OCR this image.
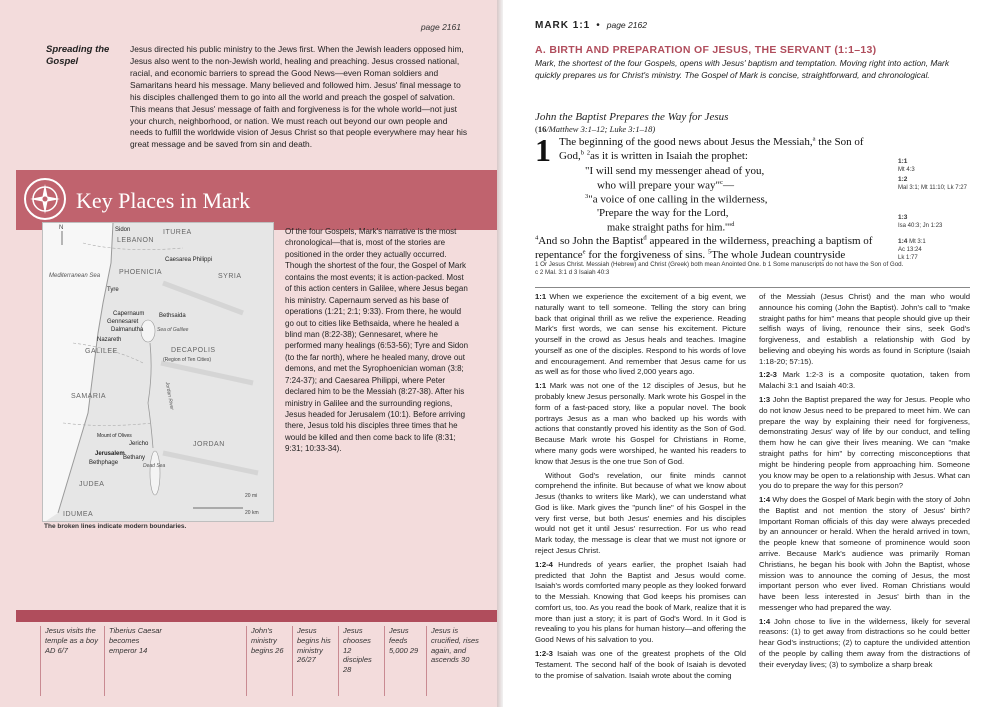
page 2161
Spreading the Gospel
Jesus directed his public ministry to the Jews first. When the Jewish leaders opposed him, Jesus also went to the non-Jewish world, healing and preaching. Jesus crossed national, racial, and economic barriers to spread the Good News—even Roman soldiers and Samaritans heard his message. Many believed and followed him. Jesus' final message to his disciples challenged them to go into all the world and preach the gospel of salvation. This means that Jesus' message of faith and forgiveness is for the whole world—not just your church, neighborhood, or nation. We must reach out beyond our own people and needs to fulfill the worldwide vision of Jesus Christ so that people everywhere may hear his great message and be saved from sin and death.
Key Places in Mark
N
ITUREA
LEBANON
PHOENICIA
SYRIA
GALILEE	DECAPOLIS
(Region of Ten Cities)
SAMARIA
JUDEA
JORDAN
IDUMEA
Sidon
Tyre
Caesarea Philippi
Capernaum
Gennesaret
Dalmanutha
Nazareth
Bethsaida
Jericho
Jerusalem
Bethphage
Bethany
Mount of Olives
Mediterranean Sea
Sea of Galilee
Jordan River
Dead Sea
20 mi
20 km
The broken lines indicate modern boundaries.
Of the four Gospels, Mark's narrative is the most chronological—that is, most of the stories are positioned in the order they actually occurred. Though the shortest of the four, the Gospel of Mark contains the most events; it is action-packed. Most of this action centers in Galilee, where Jesus began his ministry. Capernaum served as his base of operations (1:21; 2:1; 9:33). From there, he would go out to cities like Bethsaida, where he healed a blind man (8:22-38); Gennesaret, where he performed many healings (6:53-56); Tyre and Sidon (to the far north), where he healed many, drove out demons, and met the Syrophoenician woman (3:8; 7:24-37); and Caesarea Philippi, where Peter declared him to be the Messiah (8:27-38). After his ministry in Galilee and the surrounding regions, Jesus headed for Jerusalem (10:1). Before arriving there, Jesus told his disciples three times that he would be killed and then come back to life (8:31; 9:31; 10:33-34).
Jesus visits the temple as a boy AD 6/7
Tiberius Caesar becomes emperor 14
John's ministry begins 26
Jesus begins his ministry 26/27
Jesus chooses 12 disciples 28
Jesus feeds 5,000 29
Jesus is crucified, rises again, and ascends 30
MARK 1:1 • page 2162
A. BIRTH AND PREPARATION OF JESUS, THE SERVANT (1:1–13)
Mark, the shortest of the four Gospels, opens with Jesus' baptism and temptation. Moving right into action, Mark quickly prepares us for Christ's ministry. The Gospel of Mark is concise, straightforward, and chronological.
John the Baptist Prepares the Way for Jesus
(16/Matthew 3:1–12; Luke 3:1–18)
1 The beginning of the good news about Jesus the Messiah,$^a$ the Son of God,$^b$ $^2$as it is written in Isaiah the prophet:
"I will send my messenger ahead of you,
who will prepare your way"$^c$—
$^3$"a voice of one calling in the wilderness,
'Prepare the way for the Lord,
make straight paths for him.'"$^d$
$^4$And so John the Baptist$^d$ appeared in the wilderness, preaching a baptism of repentance$^e$ for the forgiveness of sins. $^5$The whole Judean countryside
1:1
Mt 4:3
1:2
Mal 3:1; Mt 11:10; Lk 7:27
1:3
Isa 40:3; Jn 1:23
1:4 Mt 3:1
Ac 13:24
Lk 1:77
1 Or Jesus Christ. Messiah (Hebrew) and Christ (Greek) both mean Anointed One. b 1 Some manuscripts do not have the Son of God.
c 2 Mal. 3:1 d 3 Isaiah 40:3

1:1 When we experience the excitement of a big event, we naturally want to tell someone. Telling the story can bring back that original thrill as we relive the experience. Reading Mark's first words, we can sense his excitement. Picture yourself in the crowd as Jesus heals and teaches. Imagine yourself as one of the disciples. Respond to his words of love and encouragement. And remember that Jesus came for us as well as for those who lived 2,000 years ago.

1:1 Mark was not one of the 12 disciples of Jesus, but he probably knew Jesus personally. Mark wrote his Gospel in the form of a fast-paced story, like a popular novel. The book portrays Jesus as a man who backed up his words with actions that constantly proved his identity as the Son of God. Because Mark wrote his Gospel for Christians in Rome, where many gods were worshiped, he wanted his readers to know that Jesus is the one true Son of God.

Without God's revelation, our finite minds cannot comprehend the infinite. But because of what we know about Jesus (thanks to writers like Mark), we can understand what God is like. Mark gives the "punch line" of his Gospel in the very first verse, but both Jesus' enemies and his disciples would not get it until Jesus' resurrection. For us who read Mark today, the message is clear that we must not ignore or reject Jesus Christ.

1:2-4 Hundreds of years earlier, the prophet Isaiah had predicted that John the Baptist and Jesus would come. Isaiah's words comforted many people as they looked forward to the Messiah. Knowing that God keeps his promises can comfort us, too. As you read the book of Mark, realize that it is more than just a story; it is part of God's Word. In it God is revealing to you his plans for human history—and offering the Good News of his salvation to you.

1:2-3 Isaiah was one of the greatest prophets of the Old Testament. The second half of the book of Isaiah is devoted to the promise of salvation. Isaiah wrote about the coming

of the Messiah (Jesus Christ) and the man who would announce his coming (John the Baptist). John's call to "make straight paths for him" means that people should give up their selfish ways of living, renounce their sins, seek God's forgiveness, and establish a relationship with God by believing and obeying his words as found in Scripture (Isaiah 1:18-20; 57:15).

1:2-3 Mark 1:2-3 is a composite quotation, taken from Malachi 3:1 and Isaiah 40:3.

1:3 John the Baptist prepared the way for Jesus. People who do not know Jesus need to be prepared to meet him. We can prepare the way by explaining their need for forgiveness, demonstrating Jesus' way of life by our conduct, and telling them how he can give their lives meaning. We can "make straight paths for him" by correcting misconceptions that might be hindering people from approaching him. Someone you know may be open to a relationship with Jesus. What can you do to prepare the way for this person?

1:4 Why does the Gospel of Mark begin with the story of John the Baptist and not mention the story of Jesus' birth? Important Roman officials of this day were always preceded by an announcer or herald. When the herald arrived in town, the people knew that someone of prominence would soon arrive. Because Mark's audience was primarily Roman Christians, he began his book with John the Baptist, whose mission was to announce the coming of Jesus, the most important person who ever lived. Roman Christians would have been less interested in Jesus' birth than in the messenger who had prepared the way.

1:4 John chose to live in the wilderness, likely for several reasons: (1) to get away from distractions so he could better hear God's instructions; (2) to capture the undivided attention of the people by calling them away from the distractions of their everyday lives; (3) to symbolize a sharp break
